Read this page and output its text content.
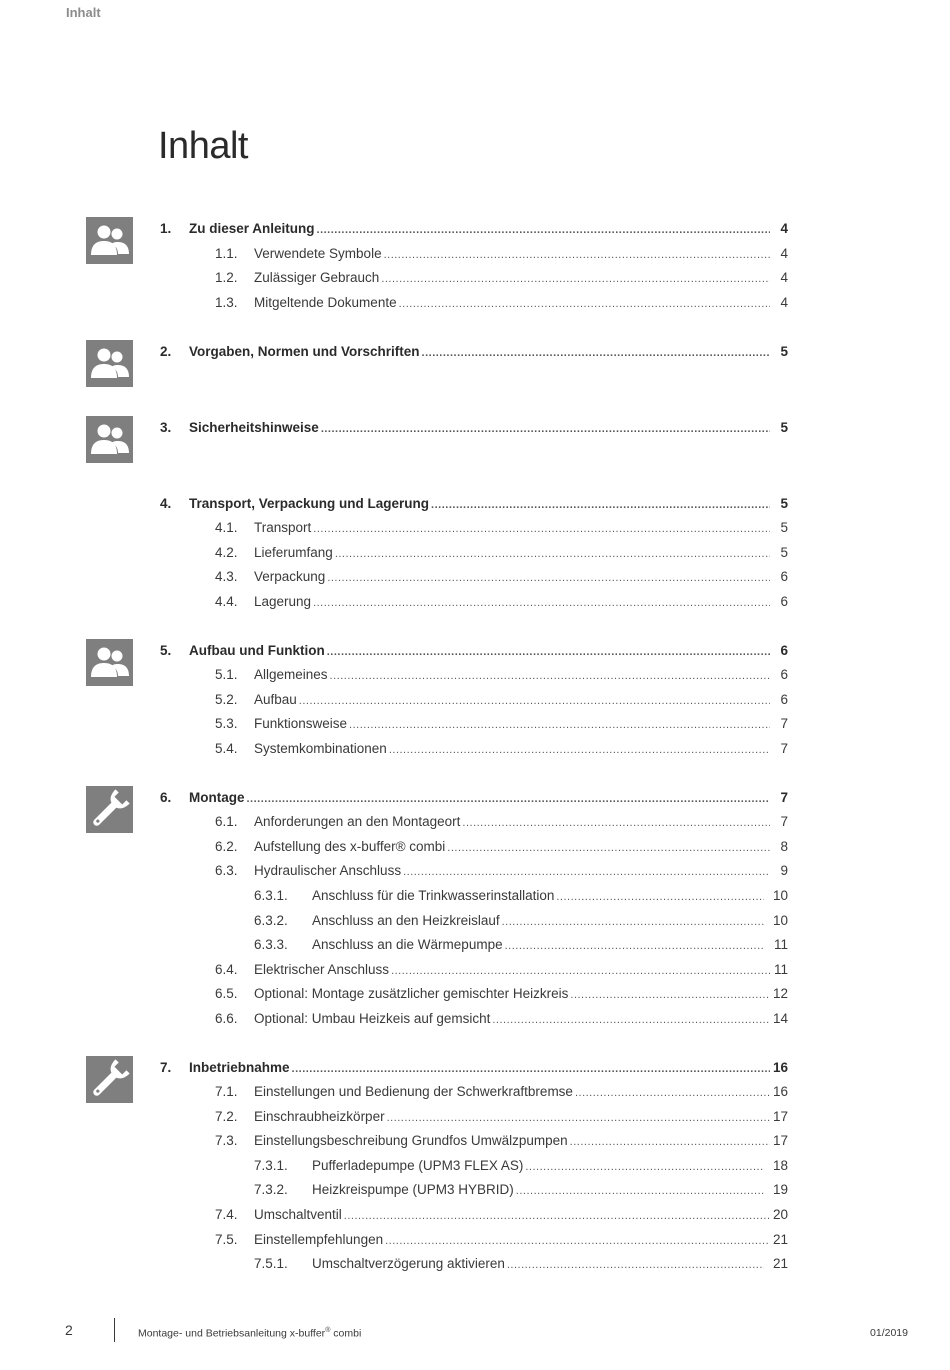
Inhalt
Inhalt
1.	Zu dieser Anleitung .....	4
1.1.	Verwendete Symbole .....	4
1.2.	Zulässiger Gebrauch .....	4
1.3.	Mitgeltende Dokumente .....	4
2.	Vorgaben, Normen und Vorschriften .....	5
3.	Sicherheitshinweise .....	5
4.	Transport, Verpackung und Lagerung .....	5
4.1.	Transport .....	5
4.2.	Lieferumfang .....	5
4.3.	Verpackung .....	6
4.4.	Lagerung .....	6
5.	Aufbau und Funktion .....	6
5.1.	Allgemeines .....	6
5.2.	Aufbau .....	6
5.3.	Funktionsweise .....	7
5.4.	Systemkombinationen .....	7
6.	Montage .....	7
6.1.	Anforderungen an den Montageort .....	7
6.2.	Aufstellung des x-buffer® combi .....	8
6.3.	Hydraulischer Anschluss .....	9
6.3.1.	Anschluss für die Trinkwasserinstallation .....	10
6.3.2.	Anschluss an den Heizkreislauf .....	10
6.3.3.	Anschluss an die Wärmepumpe .....	11
6.4.	Elektrischer Anschluss .....	11
6.5.	Optional: Montage zusätzlicher gemischter Heizkreis .....	12
6.6.	Optional: Umbau Heizkeis auf gemsicht .....	14
7.	Inbetriebnahme .....	16
7.1.	Einstellungen und Bedienung der Schwerkraftbremse .....	16
7.2.	Einschraubheizkörper .....	17
7.3.	Einstellungsbeschreibung Grundfos Umwälzpumpen .....	17
7.3.1.	Pufferladepumpe (UPM3 FLEX AS) .....	18
7.3.2.	Heizkreispumpe (UPM3 HYBRID) .....	19
7.4.	Umschaltventil .....	20
7.5.	Einstellempfehlungen .....	21
7.5.1.	Umschaltverzögerung aktivieren .....	21
2	Montage- und Betriebsanleitung x-buffer® combi	01/2019
